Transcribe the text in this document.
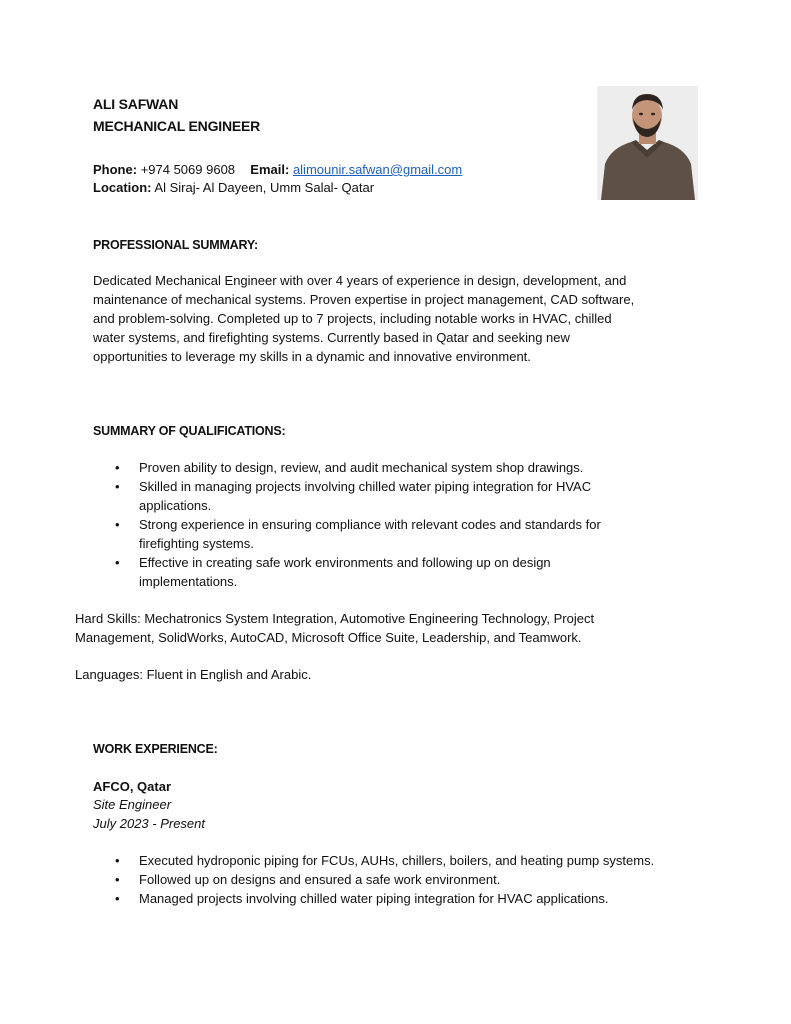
ALI SAFWAN
MECHANICAL ENGINEER
Phone: +974 5069 9608 Email: alimounir.safwan@gmail.com
Location: Al Siraj- Al Dayeen, Umm Salal- Qatar
PROFESSIONAL SUMMARY:
Dedicated Mechanical Engineer with over 4 years of experience in design, development, and
maintenance of mechanical systems. Proven expertise in project management, CAD software,
and problem-solving. Completed up to 7 projects, including notable works in HVAC, chilled
water systems, and firefighting systems. Currently based in Qatar and seeking new
opportunities to leverage my skills in a dynamic and innovative environment.
SUMMARY OF QUALIFICATIONS:
• Proven ability to design, review, and audit mechanical system shop drawings.
• Skilled in managing projects involving chilled water piping integration for HVAC
applications.
• Strong experience in ensuring compliance with relevant codes and standards for
firefighting systems.
• Effective in creating safe work environments and following up on design
implementations.
Hard Skills: Mechatronics System Integration, Automotive Engineering Technology, Project
Management, SolidWorks, AutoCAD, Microsoft Office Suite, Leadership, and Teamwork.
Languages: Fluent in English and Arabic.
WORK EXPERIENCE:
AFCO, Qatar
Site Engineer
July 2023 - Present
• Executed hydroponic piping for FCUs, AUHs, chillers, boilers, and heating pump systems.
• Followed up on designs and ensured a safe work environment.
• Managed projects involving chilled water piping integration for HVAC applications.
